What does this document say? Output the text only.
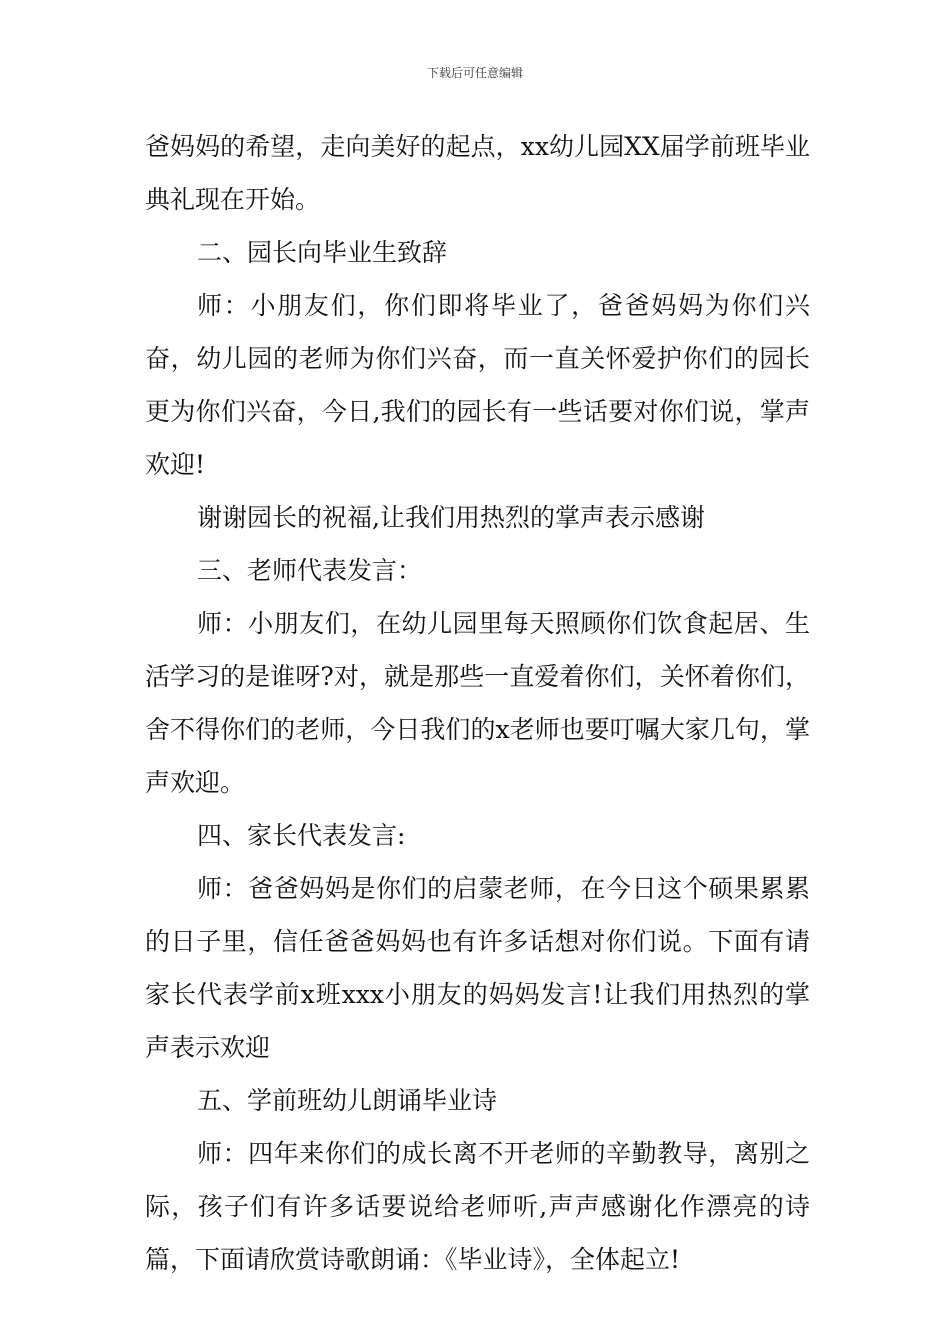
下载后可任意编辑

爸妈妈的希望，走向美好的起点，xx幼儿园XX届学前班毕业典礼现在开始。

二、园长向毕业生致辞

师：小朋友们，你们即将毕业了，爸爸妈妈为你们兴奋，幼儿园的老师为你们兴奋，而一直关怀爱护你们的园长更为你们兴奋，今日,我们的园长有一些话要对你们说，掌声欢迎!

谢谢园长的祝福,让我们用热烈的掌声表示感谢

三、老师代表发言：

师：小朋友们，在幼儿园里每天照顾你们饮食起居、生活学习的是谁呀?对，就是那些一直爱着你们，关怀着你们，舍不得你们的老师，今日我们的x老师也要叮嘱大家几句，掌声欢迎。

四、家长代表发言:

师：爸爸妈妈是你们的启蒙老师，在今日这个硕果累累的日子里，信任爸爸妈妈也有许多话想对你们说。下面有请家长代表学前x班xxx小朋友的妈妈发言!让我们用热烈的掌声表示欢迎

五、学前班幼儿朗诵毕业诗

师：四年来你们的成长离不开老师的辛勤教导，离别之际，孩子们有许多话要说给老师听,声声感谢化作漂亮的诗篇，下面请欣赏诗歌朗诵：《毕业诗》，全体起立!
